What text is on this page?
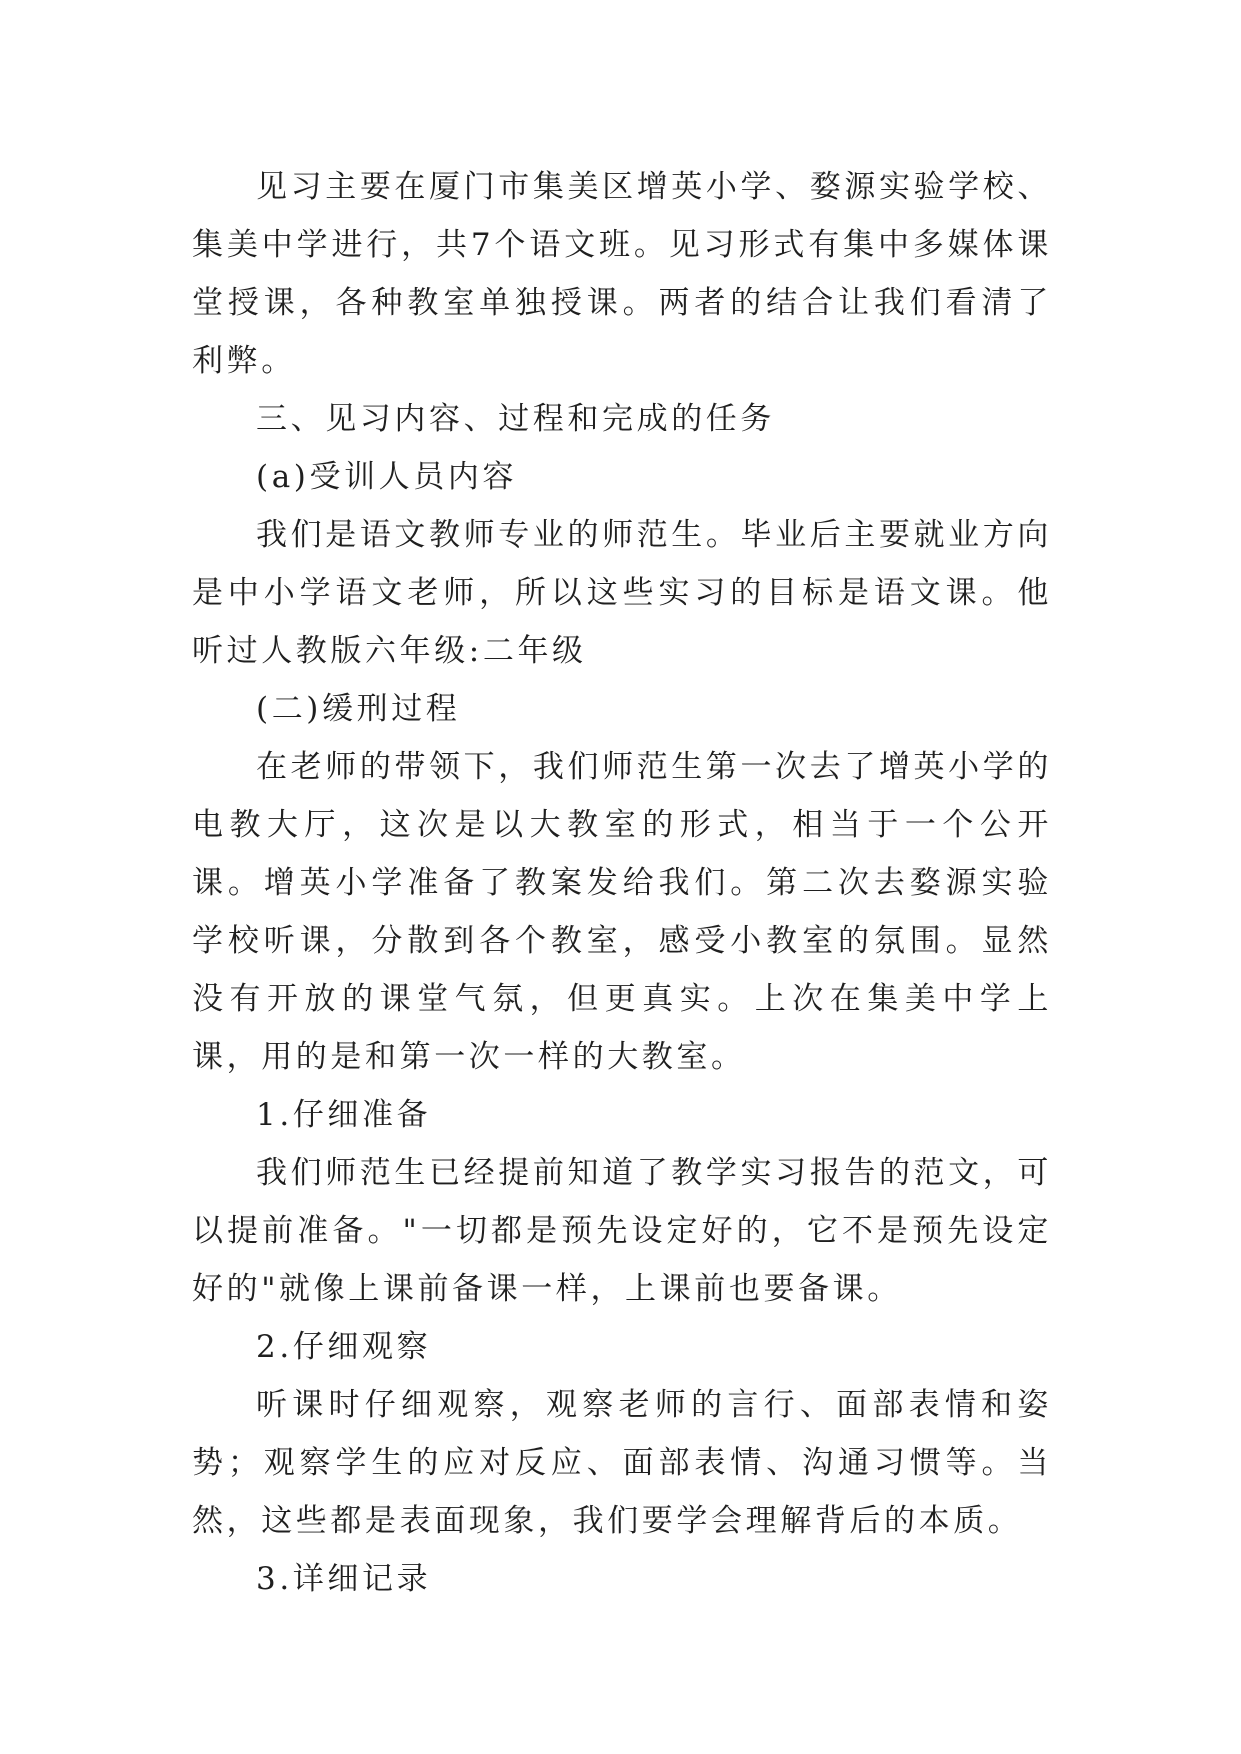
见习主要在厦门市集美区增英小学、婺源实验学校、集美中学进行，共7个语文班。见习形式有集中多媒体课堂授课，各种教室单独授课。两者的结合让我们看清了利弊。

三、见习内容、过程和完成的任务

(a)受训人员内容

我们是语文教师专业的师范生。毕业后主要就业方向是中小学语文老师，所以这些实习的目标是语文课。他听过人教版六年级:二年级

(二)缓刑过程

在老师的带领下，我们师范生第一次去了增英小学的电教大厅，这次是以大教室的形式，相当于一个公开课。增英小学准备了教案发给我们。第二次去婺源实验学校听课，分散到各个教室，感受小教室的氛围。显然没有开放的课堂气氛，但更真实。上次在集美中学上课，用的是和第一次一样的大教室。

1.仔细准备

我们师范生已经提前知道了教学实习报告的范文，可以提前准备。"一切都是预先设定好的，它不是预先设定好的"就像上课前备课一样，上课前也要备课。

2.仔细观察

听课时仔细观察，观察老师的言行、面部表情和姿势；观察学生的应对反应、面部表情、沟通习惯等。当然，这些都是表面现象，我们要学会理解背后的本质。

3.详细记录
